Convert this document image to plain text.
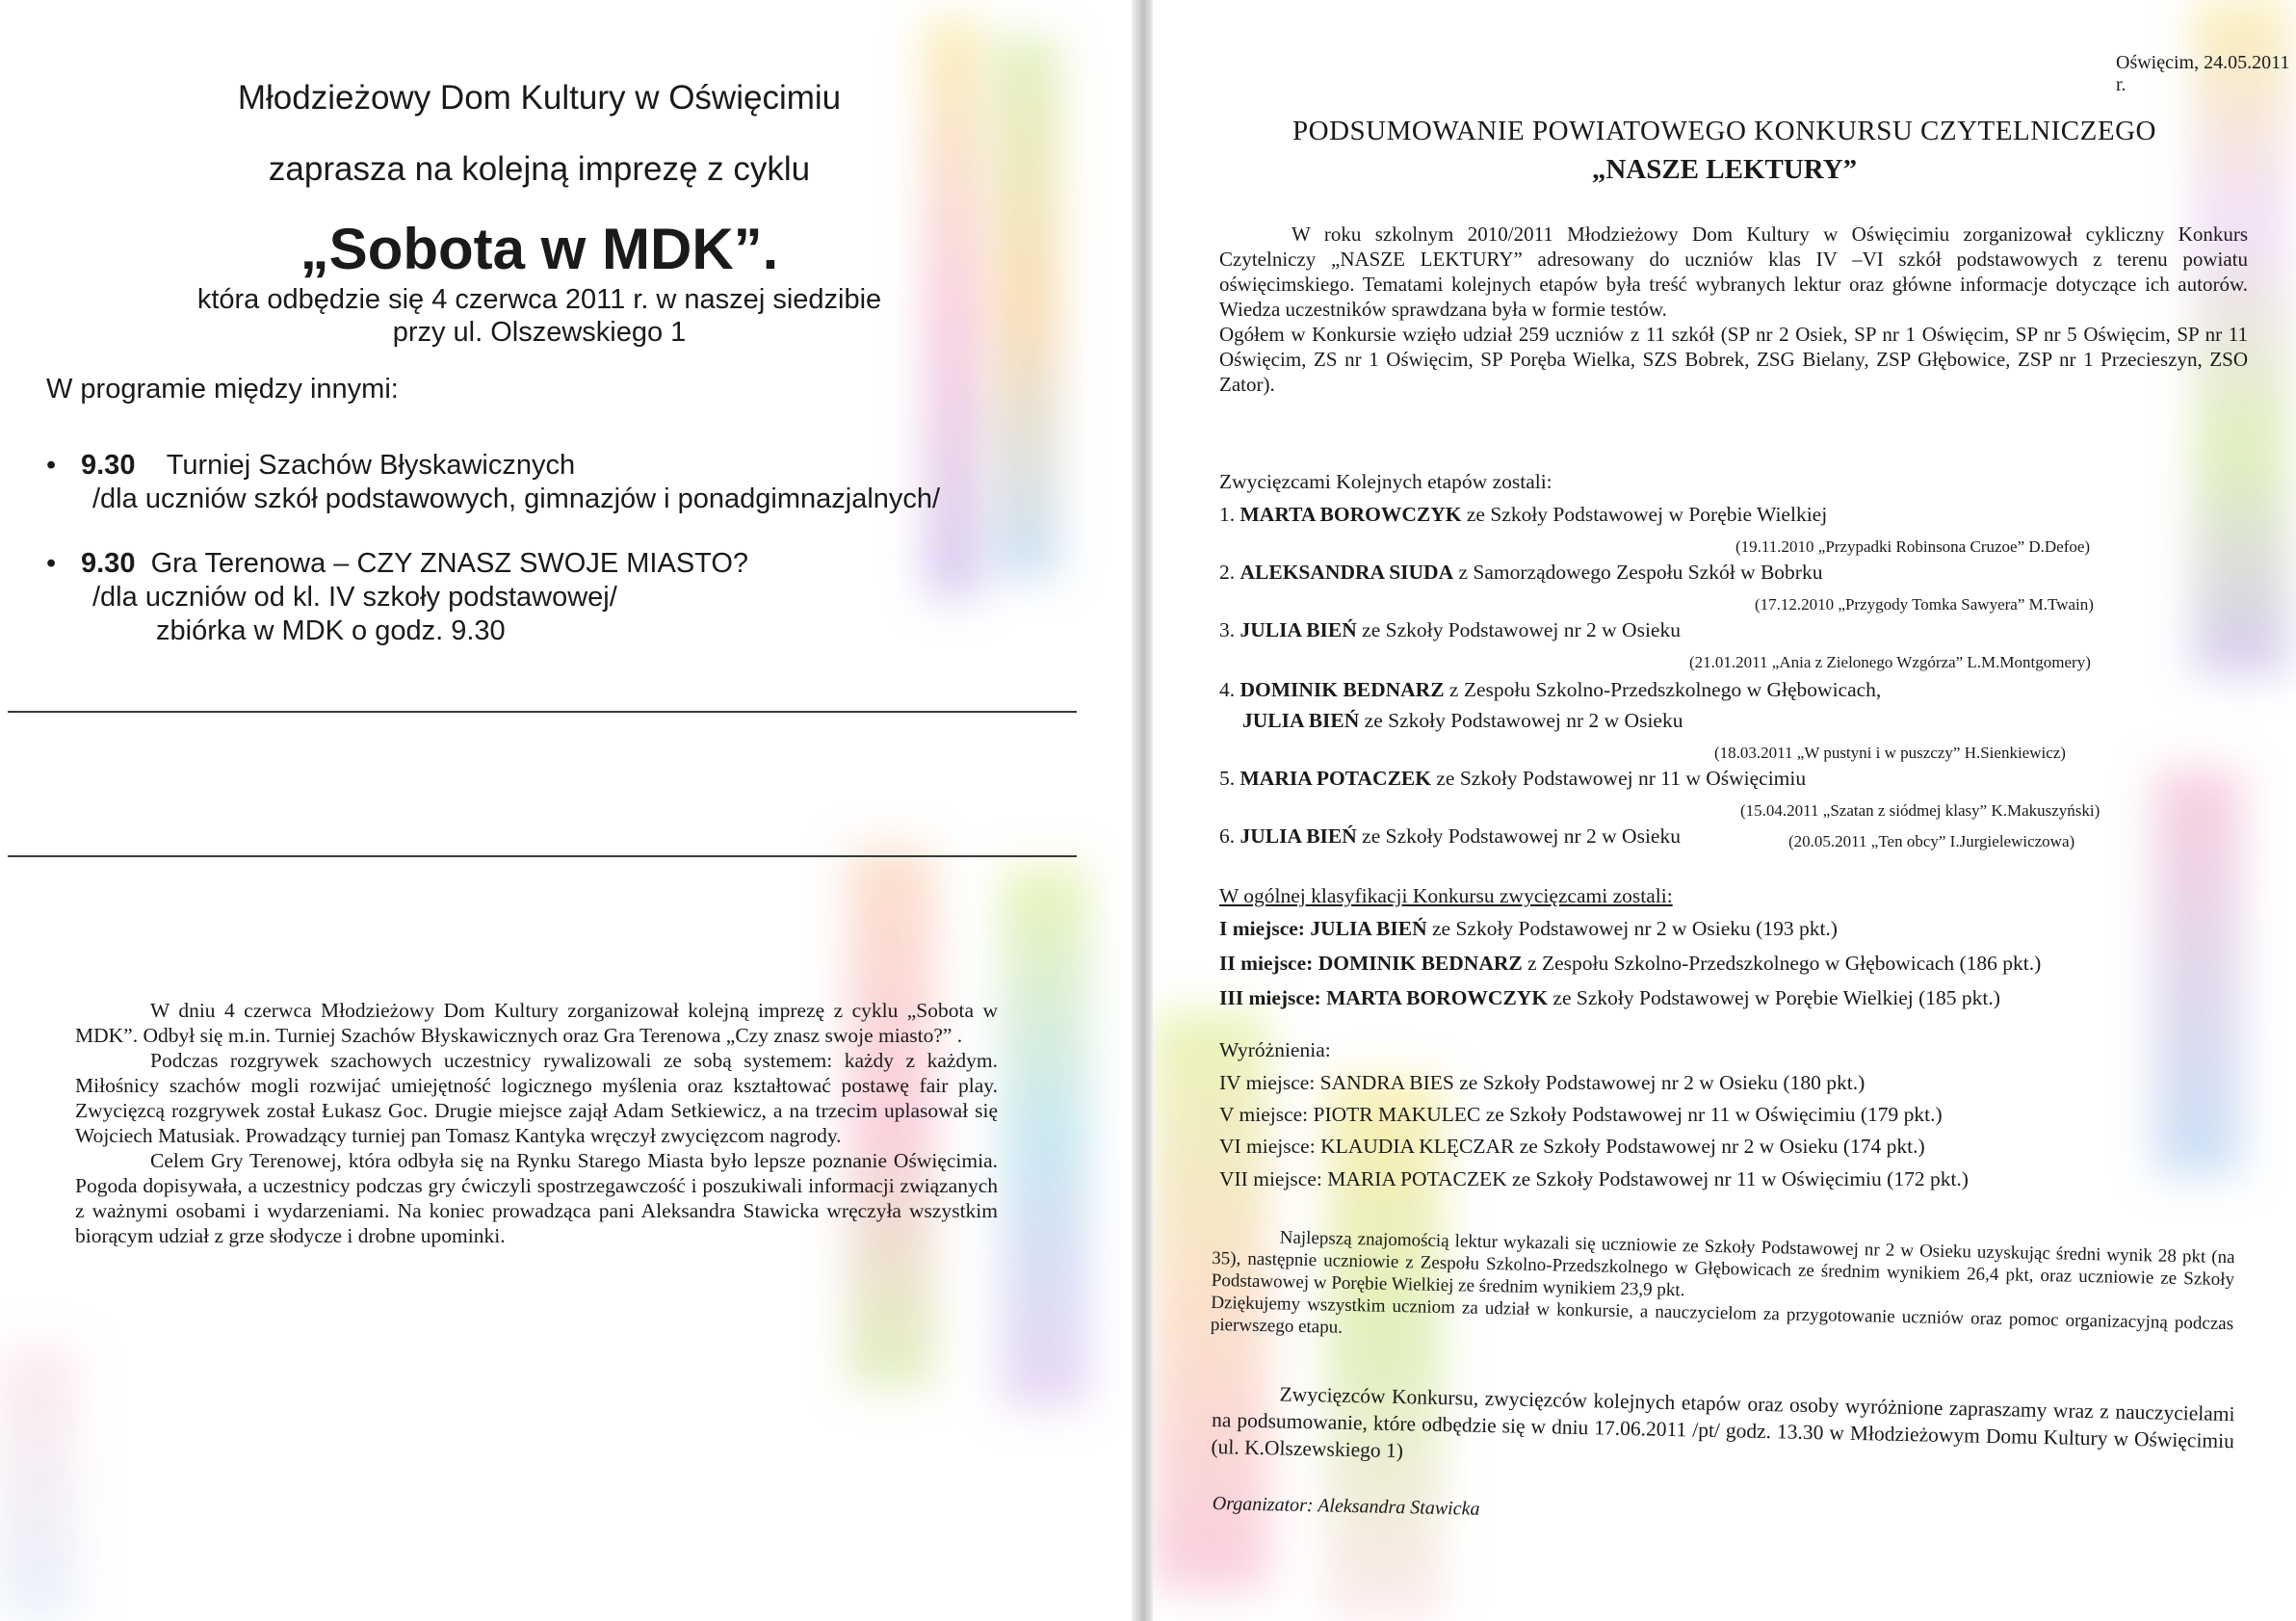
Młodzieżowy Dom Kultury w Oświęcimiu
zaprasza na kolejną imprezę z cyklu
„Sobota w MDK”.
która odbędzie się 4 czerwca 2011 r. w naszej siedzibie
przy ul. Olszewskiego 1
W programie między innymi:
• 9.30 Turniej Szachów Błyskawicznych
/dla uczniów szkół podstawowych, gimnazjów i ponadgimnazjalnych/
• 9.30 Gra Terenowa – CZY ZNASZ SWOJE MIASTO?
/dla uczniów od kl. IV szkoły podstawowej/
zbiórka w MDK o godz. 9.30

W dniu 4 czerwca Młodzieżowy Dom Kultury zorganizował kolejną imprezę z cyklu „Sobota w MDK”. Odbył się m.in. Turniej Szachów Błyskawicznych oraz Gra Terenowa „Czy znasz swoje miasto?” .

Podczas rozgrywek szachowych uczestnicy rywalizowali ze sobą systemem: każdy z każdym. Miłośnicy szachów mogli rozwijać umiejętność logicznego myślenia oraz kształtować postawę fair play. Zwycięzcą rozgrywek został Łukasz Goc. Drugie miejsce zajął Adam Setkiewicz, a na trzecim uplasował się Wojciech Matusiak. Prowadzący turniej pan Tomasz Kantyka wręczył zwycięzcom nagrody.

Celem Gry Terenowej, która odbyła się na Rynku Starego Miasta było lepsze poznanie Oświęcimia. Pogoda dopisywała, a uczestnicy podczas gry ćwiczyli spostrzegawczość i poszukiwali informacji związanych z ważnymi osobami i wydarzeniami. Na koniec prowadząca pani Aleksandra Stawicka wręczyła wszystkim biorącym udział z grze słodycze i drobne upominki.

Oświęcim, 24.05.2011 r.
PODSUMOWANIE POWIATOWEGO KONKURSU CZYTELNICZEGO
„NASZE LEKTURY”

W roku szkolnym 2010/2011 Młodzieżowy Dom Kultury w Oświęcimiu zorganizował cykliczny Konkurs Czytelniczy „NASZE LEKTURY” adresowany do uczniów klas IV –VI szkół podstawowych z terenu powiatu oświęcimskiego. Tematami kolejnych etapów była treść wybranych lektur oraz główne informacje dotyczące ich autorów. Wiedza uczestników sprawdzana była w formie testów.

Ogółem w Konkursie wzięło udział 259 uczniów z 11 szkół (SP nr 2 Osiek, SP nr 1 Oświęcim, SP nr 5 Oświęcim, SP nr 11 Oświęcim, ZS nr 1 Oświęcim, SP Poręba Wielka, SZS Bobrek, ZSG Bielany, ZSP Głębowice, ZSP nr 1 Przecieszyn, ZSO Zator).

Zwycięzcami Kolejnych etapów zostali:
1. MARTA BOROWCZYK ze Szkoły Podstawowej w Porębie Wielkiej
(19.11.2010 „Przypadki Robinsona Cruzoe” D.Defoe)
2. ALEKSANDRA SIUDA z Samorządowego Zespołu Szkół w Bobrku
(17.12.2010 „Przygody Tomka Sawyera” M.Twain)
3. JULIA BIEŃ ze Szkoły Podstawowej nr 2 w Osieku
(21.01.2011 „Ania z Zielonego Wzgórza” L.M.Montgomery)
4. DOMINIK BEDNARZ z Zespołu Szkolno-Przedszkolnego w Głębowicach,
JULIA BIEŃ ze Szkoły Podstawowej nr 2 w Osieku
(18.03.2011 „W pustyni i w puszczy” H.Sienkiewicz)
5. MARIA POTACZEK ze Szkoły Podstawowej nr 11 w Oświęcimiu
(15.04.2011 „Szatan z siódmej klasy” K.Makuszyński)
6. JULIA BIEŃ ze Szkoły Podstawowej nr 2 w Osieku	(20.05.2011 „Ten obcy” I.Jurgielewiczowa)
W ogólnej klasyfikacji Konkursu zwycięzcami zostali:
I miejsce: JULIA BIEŃ ze Szkoły Podstawowej nr 2 w Osieku (193 pkt.)
II miejsce: DOMINIK BEDNARZ z Zespołu Szkolno-Przedszkolnego w Głębowicach (186 pkt.)
III miejsce: MARTA BOROWCZYK ze Szkoły Podstawowej w Porębie Wielkiej (185 pkt.)
Wyróżnienia:
IV miejsce: SANDRA BIES ze Szkoły Podstawowej nr 2 w Osieku (180 pkt.)
V miejsce: PIOTR MAKULEC ze Szkoły Podstawowej nr 11 w Oświęcimiu (179 pkt.)
VI miejsce: KLAUDIA KLĘCZAR ze Szkoły Podstawowej nr 2 w Osieku (174 pkt.)
VII miejsce: MARIA POTACZEK ze Szkoły Podstawowej nr 11 w Oświęcimiu (172 pkt.)

Najlepszą znajomością lektur wykazali się uczniowie ze Szkoły Podstawowej nr 2 w Osieku uzyskując średni wynik 28 pkt (na 35), następnie uczniowie z Zespołu Szkolno-Przedszkolnego w Głębowicach ze średnim wynikiem 26,4 pkt, oraz uczniowie ze Szkoły Podstawowej w Porębie Wielkiej ze średnim wynikiem 23,9 pkt.

Dziękujemy wszystkim uczniom za udział w konkursie, a nauczycielom za przygotowanie uczniów oraz pomoc organizacyjną podczas pierwszego etapu.

Zwycięzców Konkursu, zwycięzców kolejnych etapów oraz osoby wyróżnione zapraszamy wraz z nauczycielami na podsumowanie, które odbędzie się w dniu 17.06.2011 /pt/ godz. 13.30 w Młodzieżowym Domu Kultury w Oświęcimiu (ul. K.Olszewskiego 1)

Organizator: Aleksandra Stawicka
